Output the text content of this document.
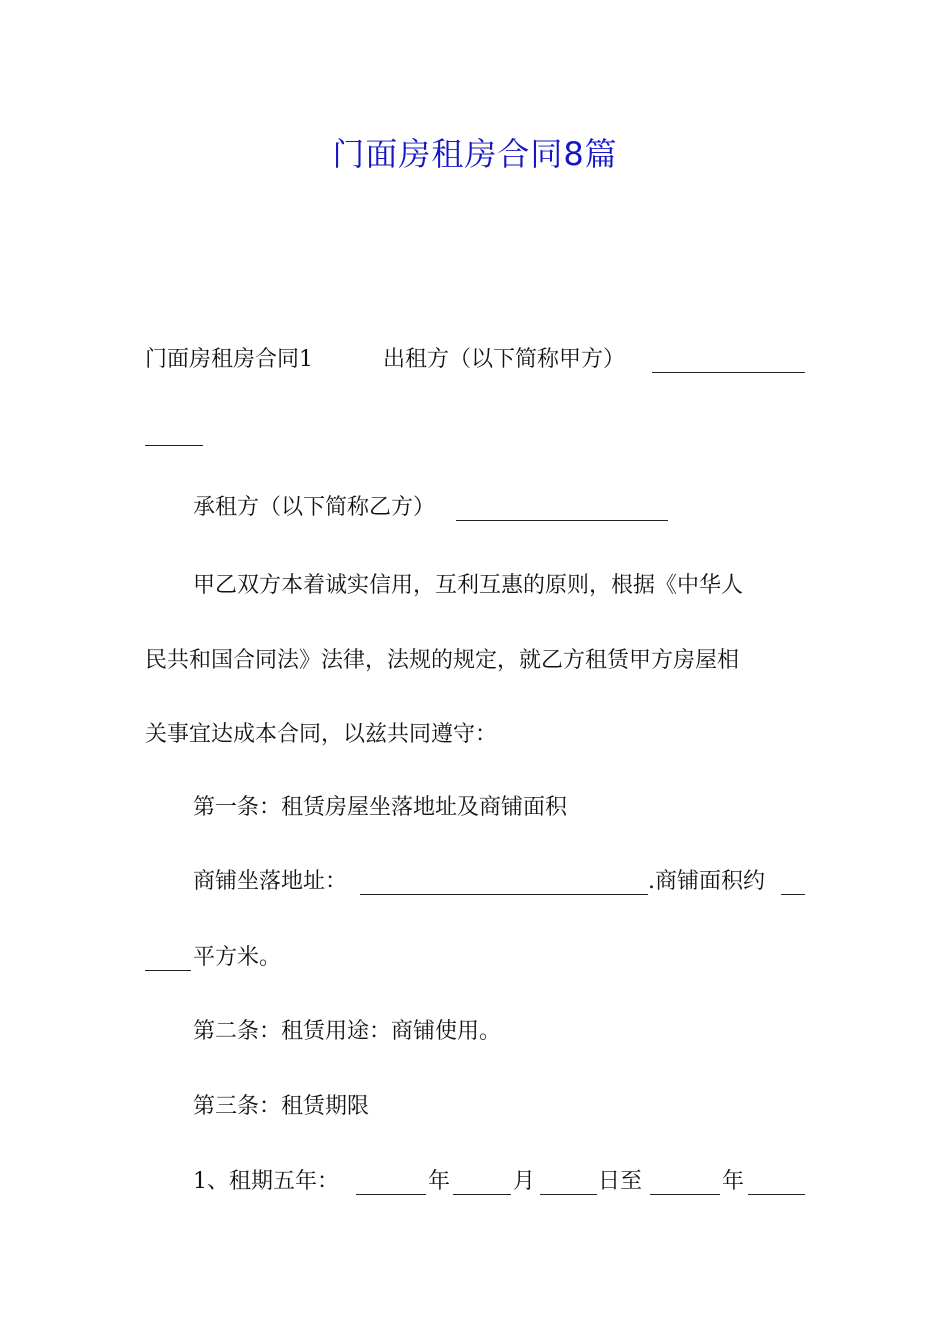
门面房租房合同8篇
门面房租房合同1	出租方（以下简称甲方）
承租方（以下简称乙方）
甲乙双方本着诚实信用，互利互惠的原则，根据《中华人
民共和国合同法》法律，法规的规定，就乙方租赁甲方房屋相
关事宜达成本合同，以兹共同遵守：
第一条：租赁房屋坐落地址及商铺面积
商铺坐落地址：	.商铺面积约
平方米。
第二条：租赁用途：商铺使用。
第三条：租赁期限
1、租期五年：	年	月	日至	年
